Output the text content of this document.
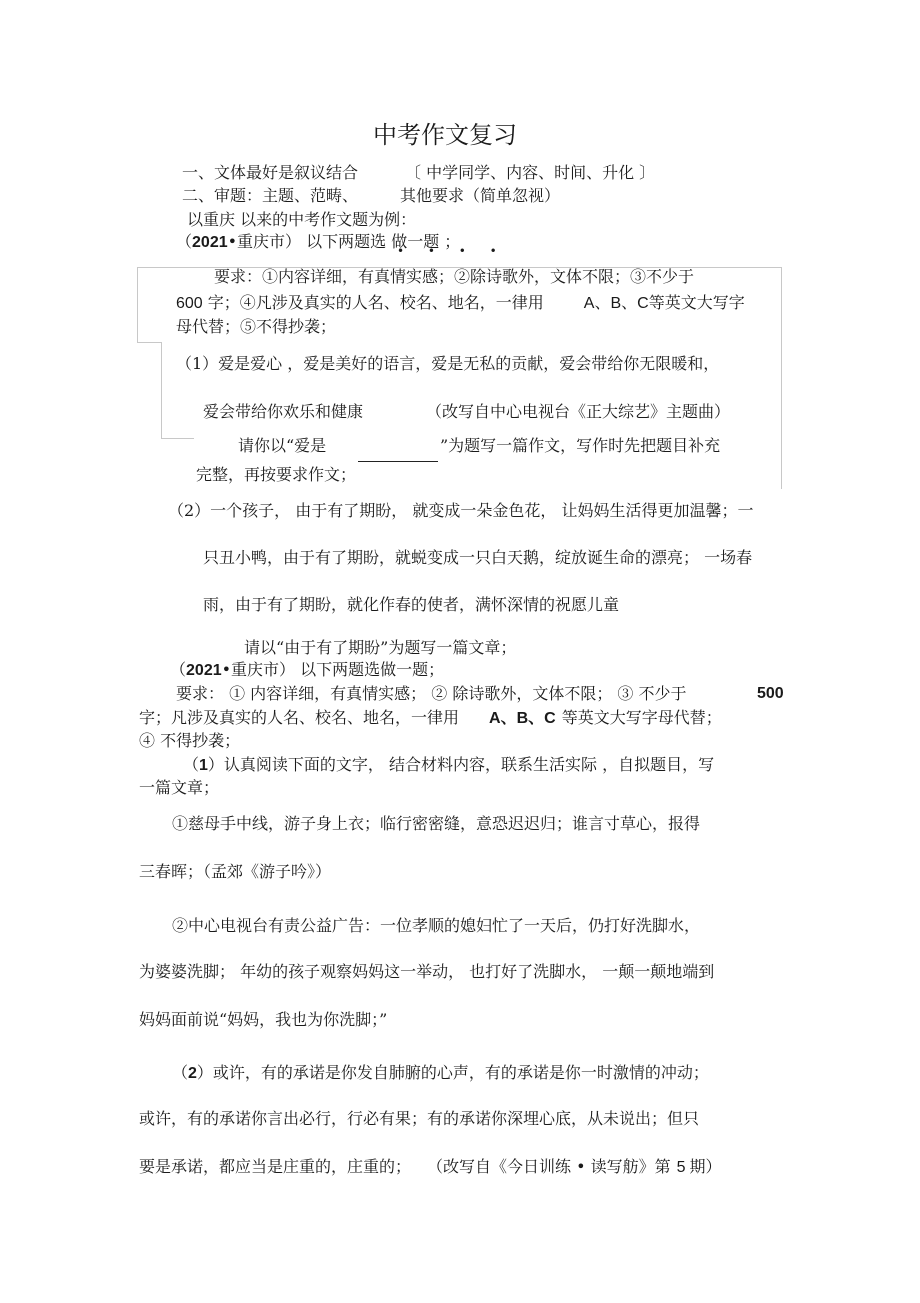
中考作文复习
一、文体最好是叙议结合	〔 中学同学、内容、时间、升化 〕
二、审题：主题、范畴、	其他要求（简单忽视）
以重庆 以来的中考作文题为例：
（2021•重庆市） 以下两题选 做一题 ；
• • • •
要求：①内容详细，有真情实感；②除诗歌外，文体不限；③不少于
600 字；④凡涉及真实的人名、校名、地名，一律用	A、B、C等英文大写字
母代替；⑤不得抄袭；
（1）爱是爱心 ，爱是美好的语言，爱是无私的贡献，爱会带给你无限暖和，
爱会带给你欢乐和健康	（改写自中心电视台《正大综艺》主题曲）
请你以“爱是	”为题写一篇作文，写作时先把题目补充
完整，再按要求作文；
（2）一个孩子， 由于有了期盼， 就变成一朵金色花， 让妈妈生活得更加温馨；一
只丑小鸭，由于有了期盼，就蜕变成一只白天鹅，绽放诞生命的漂亮； 一场春
雨，由于有了期盼，就化作春的使者，满怀深情的祝愿儿童
请以“由于有了期盼”为题写一篇文章；
（2021•重庆市） 以下两题选做一题；
要求： ① 内容详细，有真情实感； ② 除诗歌外，文体不限； ③ 不少于	500
字；凡涉及真实的人名、校名、地名，一律用 A、B、C 等英文大写字母代替；
④ 不得抄袭；
（1）认真阅读下面的文字， 结合材料内容，联系生活实际 ，自拟题目，写
一篇文章；
①慈母手中线，游子身上衣；临行密密缝，意恐迟迟归；谁言寸草心，报得
三春晖；（孟郊《游子吟》）
②中心电视台有责公益广告：一位孝顺的媳妇忙了一天后，仍打好洗脚水，
为婆婆洗脚； 年幼的孩子观察妈妈这一举动， 也打好了洗脚水， 一颠一颠地端到
妈妈面前说“妈妈，我也为你洗脚；”
（2）或许，有的承诺是你发自肺腑的心声，有的承诺是你一时激情的冲动；
或许，有的承诺你言出必行，行必有果；有的承诺你深埋心底，从未说出；但只
要是承诺，都应当是庄重的，庄重的； （改写自《今日训练 • 读写舫》第 5 期）
